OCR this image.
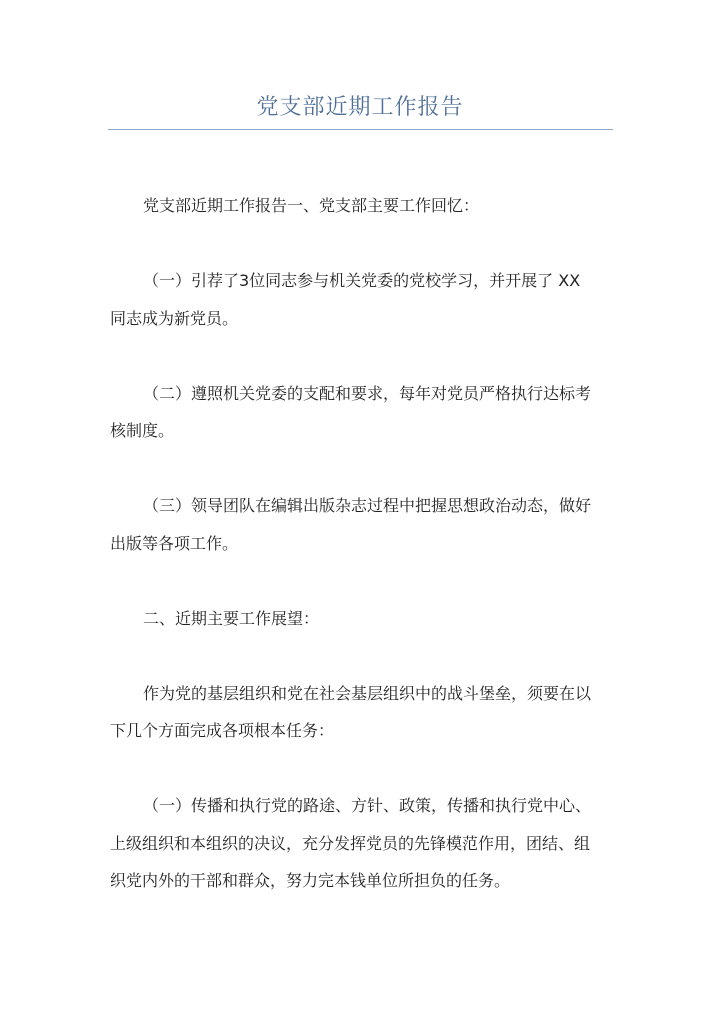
党支部近期工作报告
党支部近期工作报告一、党支部主要工作回忆：
（一）引荐了3位同志参与机关党委的党校学习，并开展了 XX
同志成为新党员。
（二）遵照机关党委的支配和要求，每年对党员严格执行达标考
核制度。
（三）领导团队在编辑出版杂志过程中把握思想政治动态，做好
出版等各项工作。
二、近期主要工作展望：
作为党的基层组织和党在社会基层组织中的战斗堡垒，须要在以
下几个方面完成各项根本任务：
（一）传播和执行党的路途、方针、政策，传播和执行党中心、
上级组织和本组织的决议，充分发挥党员的先锋模范作用，团结、组
织党内外的干部和群众，努力完本钱单位所担负的任务。
